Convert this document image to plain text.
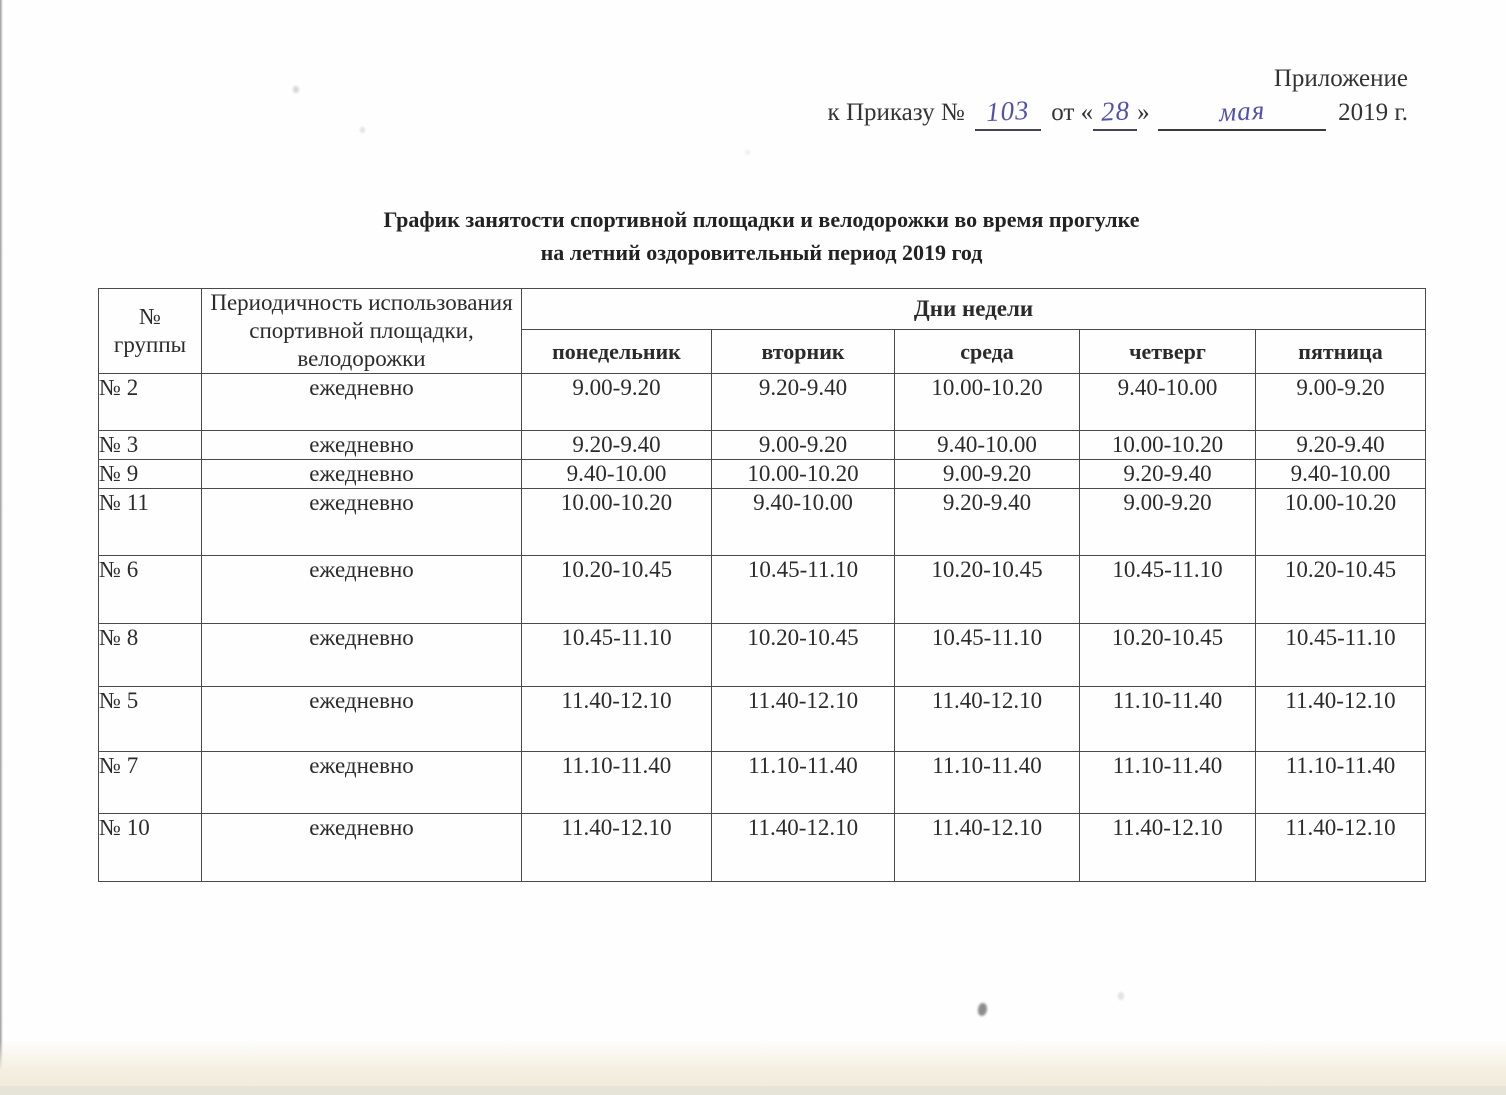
Приложение
к Приказу № 103 от « 28 »	мая	2019 г.
График занятости спортивной площадки и велодорожки во время прогулке
на летний оздоровительный период 2019 год
№
группы	Периодичность использования спортивной площадки, велодорожки	Дни недели				
		понедельник	вторник	среда	четверг	пятница
№ 2	ежедневно	9.00-9.20	9.20-9.40	10.00-10.20	9.40-10.00	9.00-9.20
№ 3	ежедневно	9.20-9.40	9.00-9.20	9.40-10.00	10.00-10.20	9.20-9.40
№ 9	ежедневно	9.40-10.00	10.00-10.20	9.00-9.20	9.20-9.40	9.40-10.00
№ 11	ежедневно	10.00-10.20	9.40-10.00	9.20-9.40	9.00-9.20	10.00-10.20
№ 6	ежедневно	10.20-10.45	10.45-11.10	10.20-10.45	10.45-11.10	10.20-10.45
№ 8	ежедневно	10.45-11.10	10.20-10.45	10.45-11.10	10.20-10.45	10.45-11.10
№ 5	ежедневно	11.40-12.10	11.40-12.10	11.40-12.10	11.10-11.40	11.40-12.10
№ 7	ежедневно	11.10-11.40	11.10-11.40	11.10-11.40	11.10-11.40	11.10-11.40
№ 10	ежедневно	11.40-12.10	11.40-12.10	11.40-12.10	11.40-12.10	11.40-12.10
